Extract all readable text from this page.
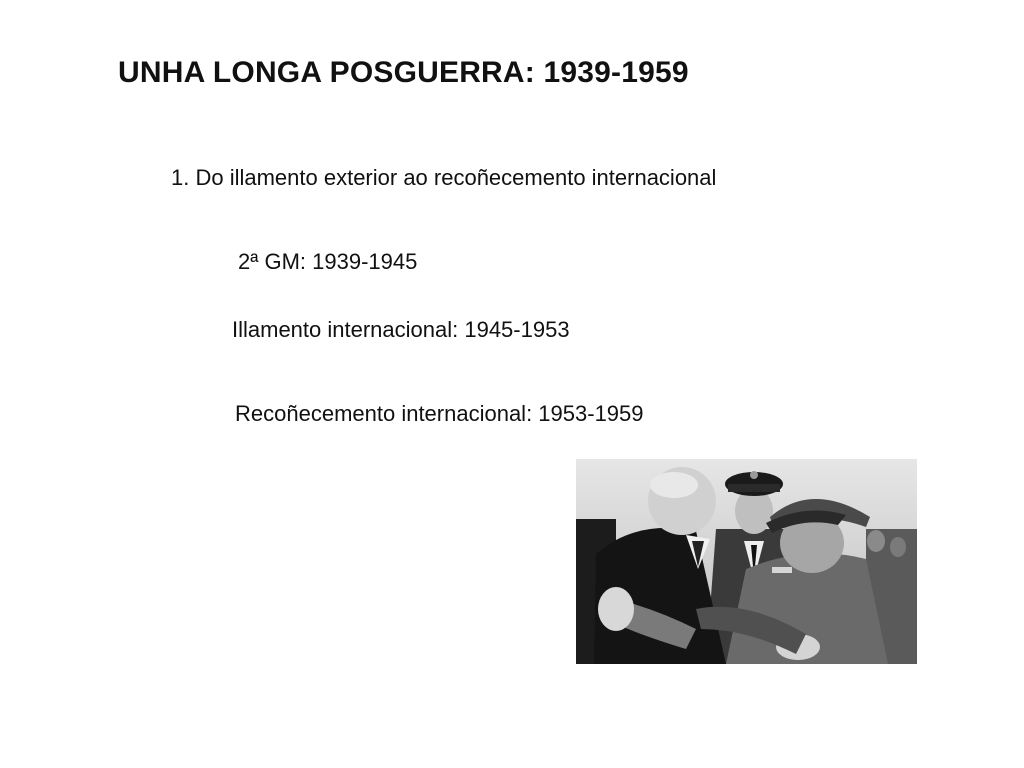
UNHA LONGA POSGUERRA: 1939-1959
1. Do illamento exterior ao recoñecemento internacional
2ª GM: 1939-1945
Illamento internacional: 1945-1953
Recoñecemento internacional: 1953-1959
